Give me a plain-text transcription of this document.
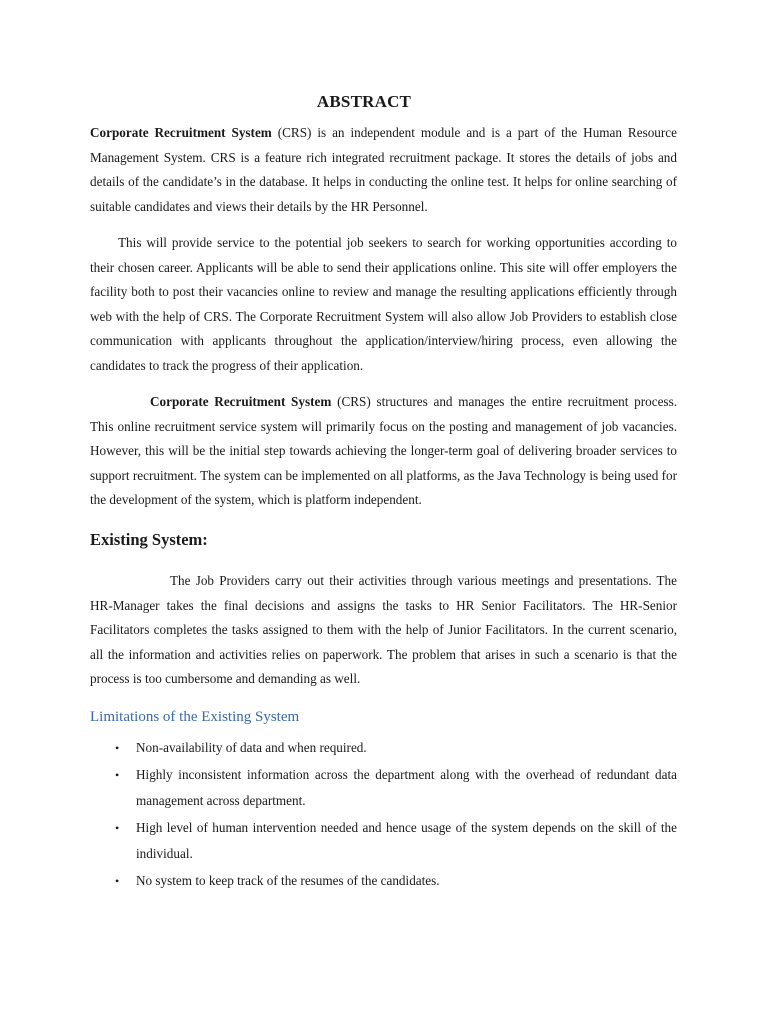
ABSTRACT

Corporate Recruitment System (CRS) is an independent module and is a part of the Human Resource Management System. CRS is a feature rich integrated recruitment package. It stores the details of jobs and details of the candidate’s in the database. It helps in conducting the online test. It helps for online searching of suitable candidates and views their details by the HR Personnel.

This will provide service to the potential job seekers to search for working opportunities according to their chosen career. Applicants will be able to send their applications online. This site will offer employers the facility both to post their vacancies online to review and manage the resulting applications efficiently through web with the help of CRS. The Corporate Recruitment System will also allow Job Providers to establish close communication with applicants throughout the application/interview/hiring process, even allowing the candidates to track the progress of their application.

Corporate Recruitment System (CRS) structures and manages the entire recruitment process. This online recruitment service system will primarily focus on the posting and management of job vacancies. However, this will be the initial step towards achieving the longer-term goal of delivering broader services to support recruitment. The system can be implemented on all platforms, as the Java Technology is being used for the development of the system, which is platform independent.

Existing System:

The Job Providers carry out their activities through various meetings and presentations. The HR-Manager takes the final decisions and assigns the tasks to HR Senior Facilitators. The HR-Senior Facilitators completes the tasks assigned to them with the help of Junior Facilitators. In the current scenario, all the information and activities relies on paperwork. The problem that arises in such a scenario is that the process is too cumbersome and demanding as well.

Limitations of the Existing System
• Non-availability of data and when required.
• Highly inconsistent information across the department along with the overhead of redundant data management across department.
• High level of human intervention needed and hence usage of the system depends on the skill of the individual.
• No system to keep track of the resumes of the candidates.
